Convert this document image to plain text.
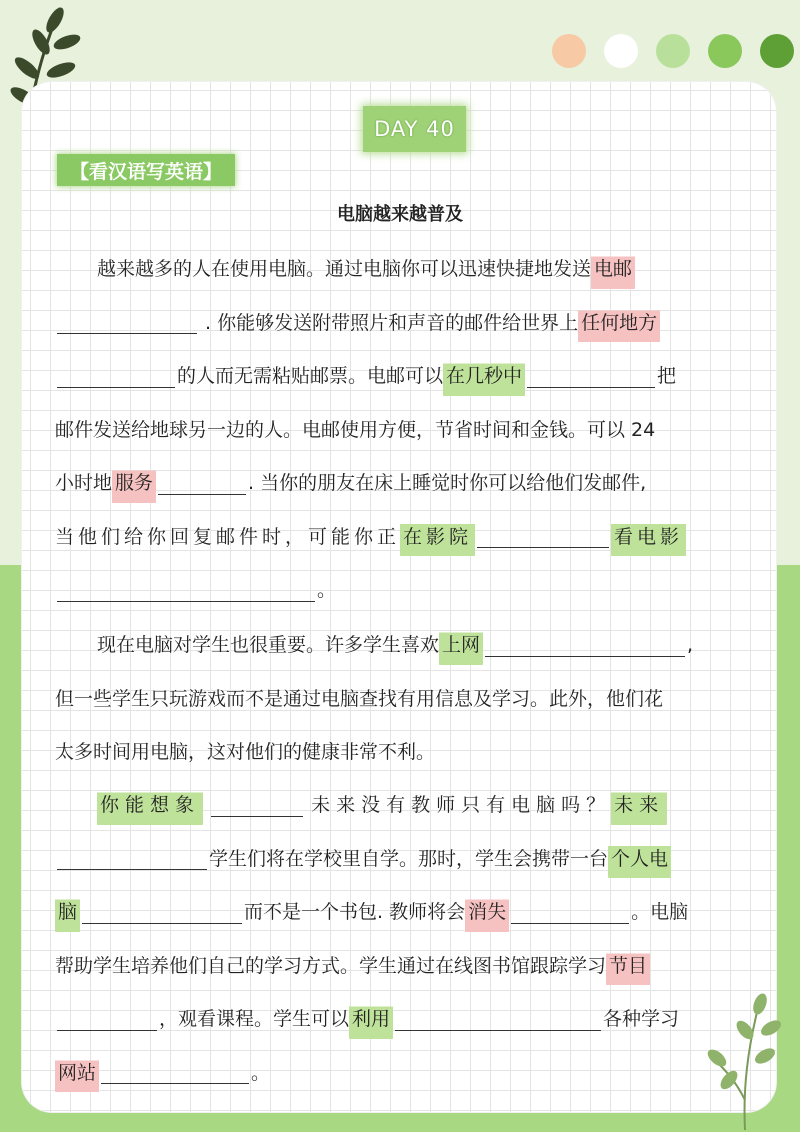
DAY 40
【看汉语写英语】
电脑越来越普及
越来越多的人在使用电脑。通过电脑你可以迅速快捷地发送 电邮

. 你能够发送附带照片和声音的邮件给世界上 任何地方
的人而无需粘贴邮票。电邮可以 在几秒中	把
邮件发送给地球另一边的人。电邮使用方便，节省时间和金钱。可以 24
小时地 服务	. 当你的朋友在床上睡觉时你可以给他们发邮件,
当他们给你回复邮件时，可能你正 在影院	看电影
。
现在电脑对学生也很重要。许多学生喜欢 上网	,
但一些学生只玩游戏而不是通过电脑查找有用信息及学习。此外，他们花
太多时间用电脑，这对他们的健康非常不利。
你能想象

	未来没有教师只有电脑吗？ 未来
学生们将在学校里自学。那时，学生会携带一台 个人电
脑	而不是一个书包. 教师将会 消失	。电脑
帮助学生培养他们自己的学习方式。学生通过在线图书馆跟踪学习 节目
，观看课程。学生可以 利用	各种学习
网站	。
